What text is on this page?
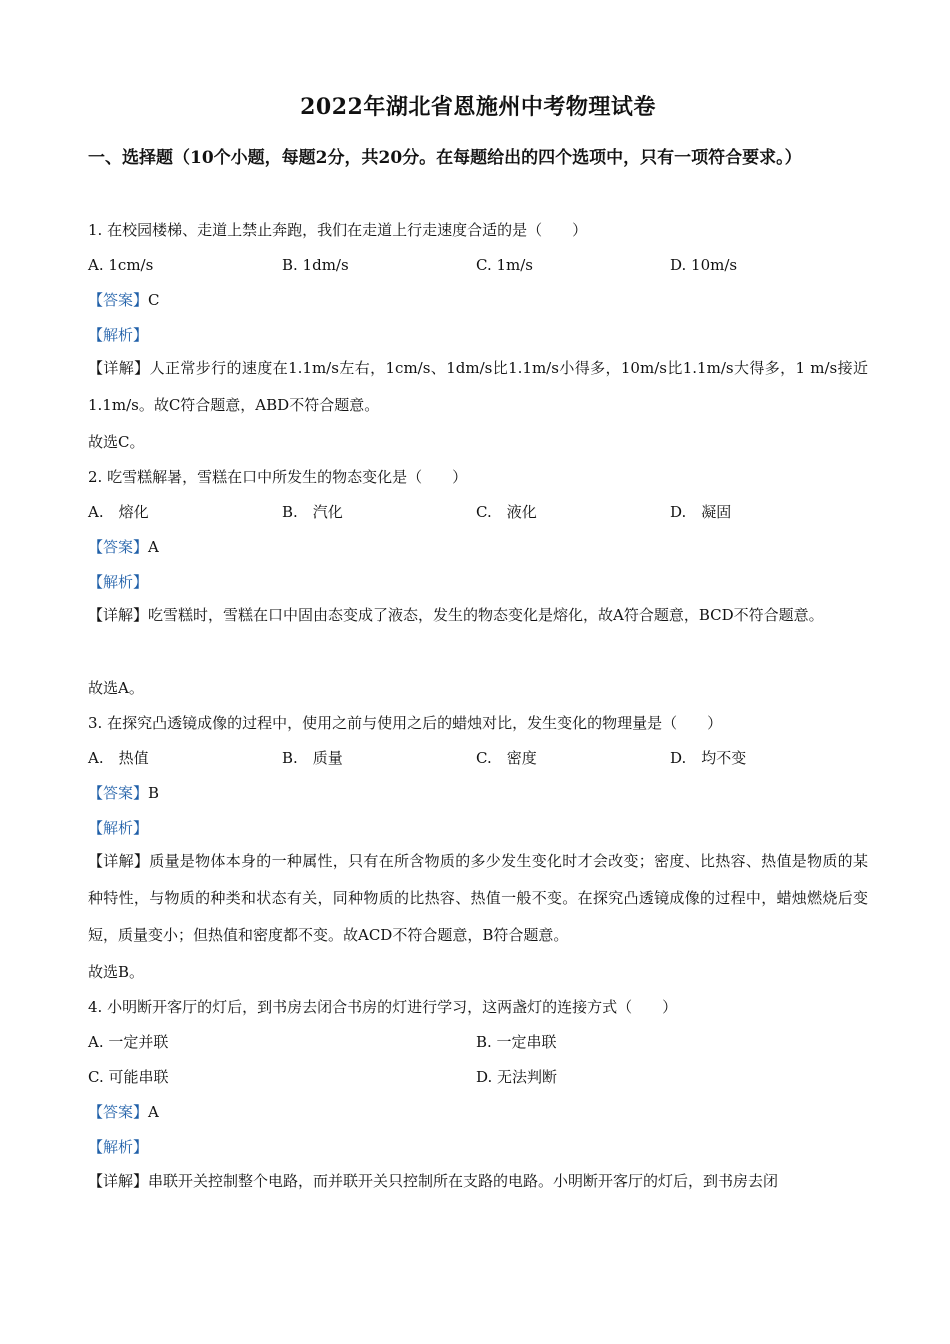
2022年湖北省恩施州中考物理试卷
一、选择题（10个小题，每题2分，共20分。在每题给出的四个选项中，只有一项符合要求。）
1. 在校园楼梯、走道上禁止奔跑，我们在走道上行走速度合适的是（　　）
A. 1cm/s	B. 1dm/s	C. 1m/s	D. 10m/s
【答案】C
【解析】
【详解】人正常步行的速度在1.1m/s左右，1cm/s、1dm/s比1.1m/s小得多，10m/s比1.1m/s大得多，1 m/s接近1.1m/s。故C符合题意，ABD不符合题意。
故选C。
2. 吃雪糕解暑，雪糕在口中所发生的物态变化是（　　）
A.　熔化	B.　汽化	C.　液化	D.　凝固
【答案】A
【解析】
【详解】吃雪糕时，雪糕在口中固由态变成了液态，发生的物态变化是熔化，故A符合题意，BCD不符合题意。
故选A。
3. 在探究凸透镜成像的过程中，使用之前与使用之后的蜡烛对比，发生变化的物理量是（　　）
A.　热值	B.　质量	C.　密度	D.　均不变
【答案】B
【解析】
【详解】质量是物体本身的一种属性，只有在所含物质的多少发生变化时才会改变；密度、比热容、热值是物质的某种特性，与物质的种类和状态有关，同种物质的比热容、热值一般不变。在探究凸透镜成像的过程中，蜡烛燃烧后变短，质量变小；但热值和密度都不变。故ACD不符合题意，B符合题意。
故选B。
4. 小明断开客厅的灯后，到书房去闭合书房的灯进行学习，这两盏灯的连接方式（　　）
A. 一定并联	B. 一定串联
C. 可能串联	D. 无法判断
【答案】A
【解析】
【详解】串联开关控制整个电路，而并联开关只控制所在支路的电路。小明断开客厅的灯后，到书房去闭
